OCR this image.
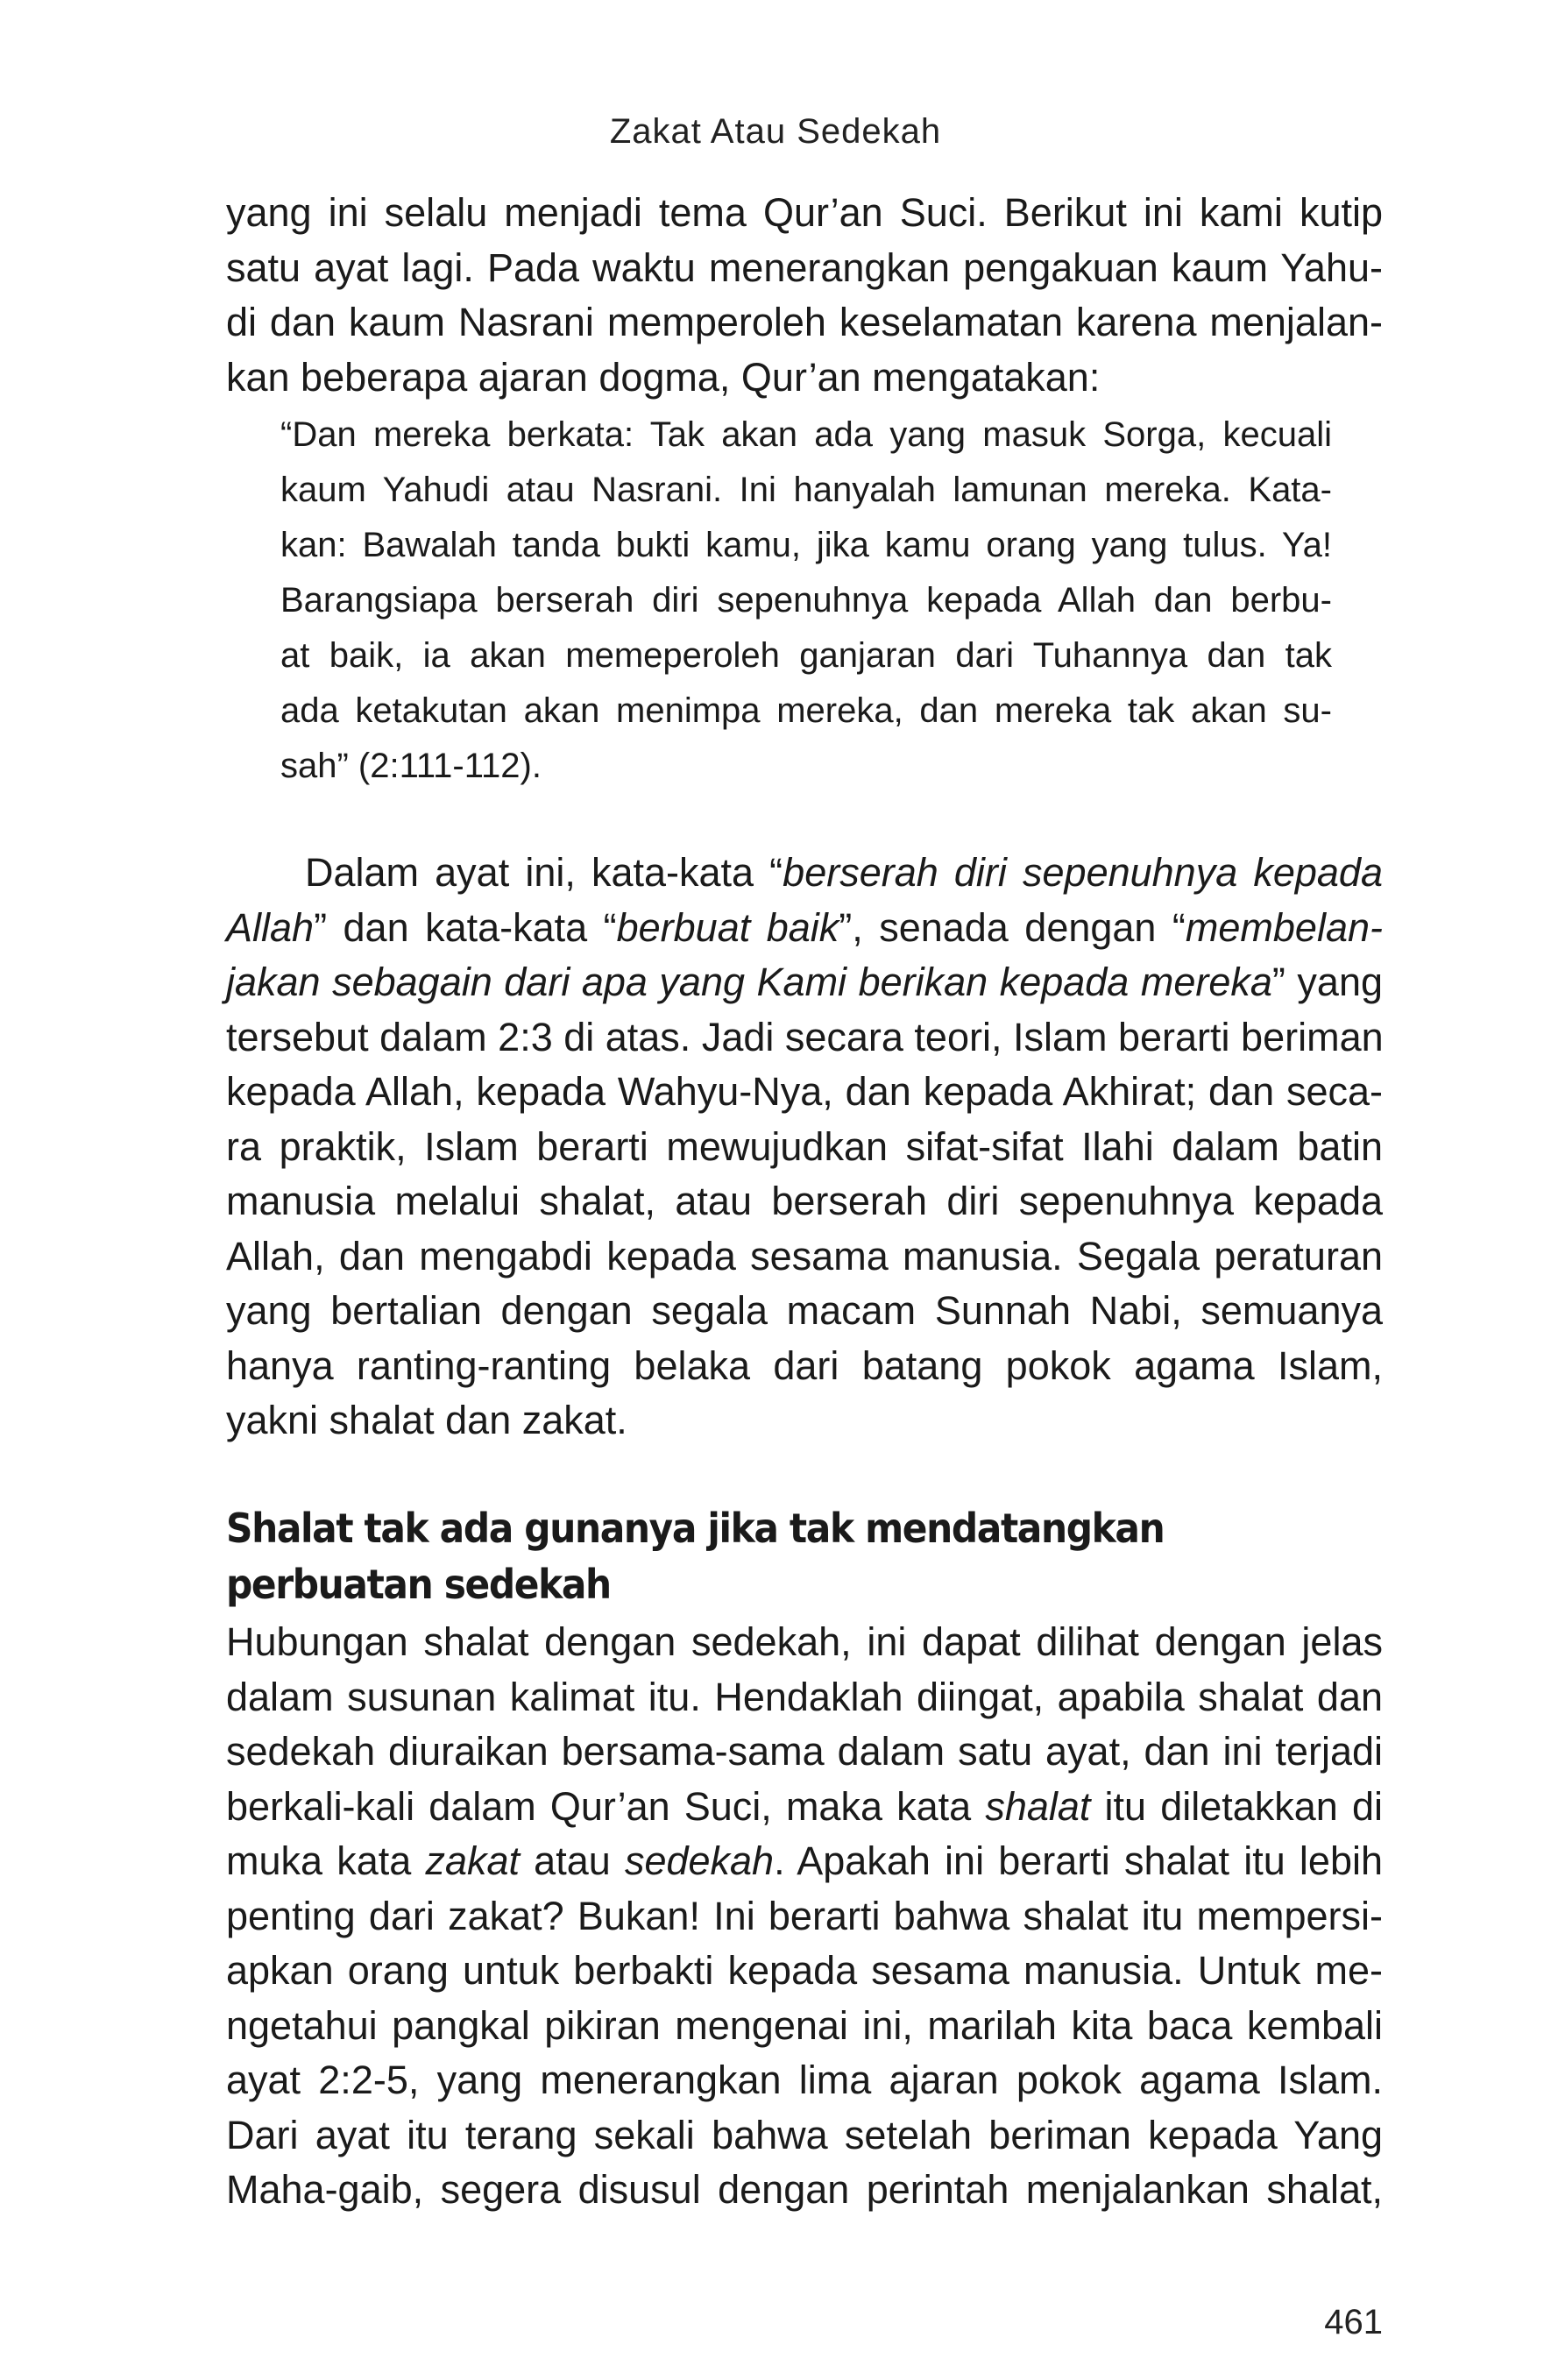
Zakat Atau Sedekah
yang ini selalu menjadi tema Qur’an Suci. Berikut ini kami kutip
satu ayat lagi. Pada waktu menerangkan pengakuan kaum Yahu-
di dan kaum Nasrani memperoleh keselamatan karena menjalan-
kan beberapa ajaran dogma, Qur’an mengatakan:
“Dan mereka berkata: Tak akan ada yang masuk Sorga, kecuali
kaum Yahudi atau Nasrani. Ini hanyalah lamunan mereka. Kata-
kan: Bawalah tanda bukti kamu, jika kamu orang yang tulus. Ya!
Barangsiapa berserah diri sepenuhnya kepada Allah dan berbu-
at baik, ia akan memeperoleh ganjaran dari Tuhannya dan tak
ada ketakutan akan menimpa mereka, dan mereka tak akan su-
sah” (2:111-112).
Dalam ayat ini, kata-kata “berserah diri sepenuhnya kepada
Allah” dan kata-kata “berbuat baik”, senada dengan “membelan-
jakan sebagain dari apa yang Kami berikan kepada mereka” yang
tersebut dalam 2:3 di atas. Jadi secara teori, Islam berarti beriman
kepada Allah, kepada Wahyu-Nya, dan kepada Akhirat; dan seca-
ra praktik, Islam berarti mewujudkan sifat-sifat Ilahi dalam batin
manusia melalui shalat, atau berserah diri sepenuhnya kepada
Allah, dan mengabdi kepada sesama manusia. Segala peraturan
yang bertalian dengan segala macam Sunnah Nabi, semuanya
hanya ranting-ranting belaka dari batang pokok agama Islam,
yakni shalat dan zakat.
Shalat tak ada gunanya jika tak mendatangkan
perbuatan sedekah
Hubungan shalat dengan sedekah, ini dapat dilihat dengan jelas
dalam susunan kalimat itu. Hendaklah diingat, apabila shalat dan
sedekah diuraikan bersama-sama dalam satu ayat, dan ini terjadi
berkali-kali dalam Qur’an Suci, maka kata shalat itu diletakkan di
muka kata zakat atau sedekah. Apakah ini berarti shalat itu lebih
penting dari zakat? Bukan! Ini berarti bahwa shalat itu mempersi-
apkan orang untuk berbakti kepada sesama manusia. Untuk me-
ngetahui pangkal pikiran mengenai ini, marilah kita baca kembali
ayat 2:2-5, yang menerangkan lima ajaran pokok agama Islam.
Dari ayat itu terang sekali bahwa setelah beriman kepada Yang
Maha-gaib, segera disusul dengan perintah menjalankan shalat,
461
